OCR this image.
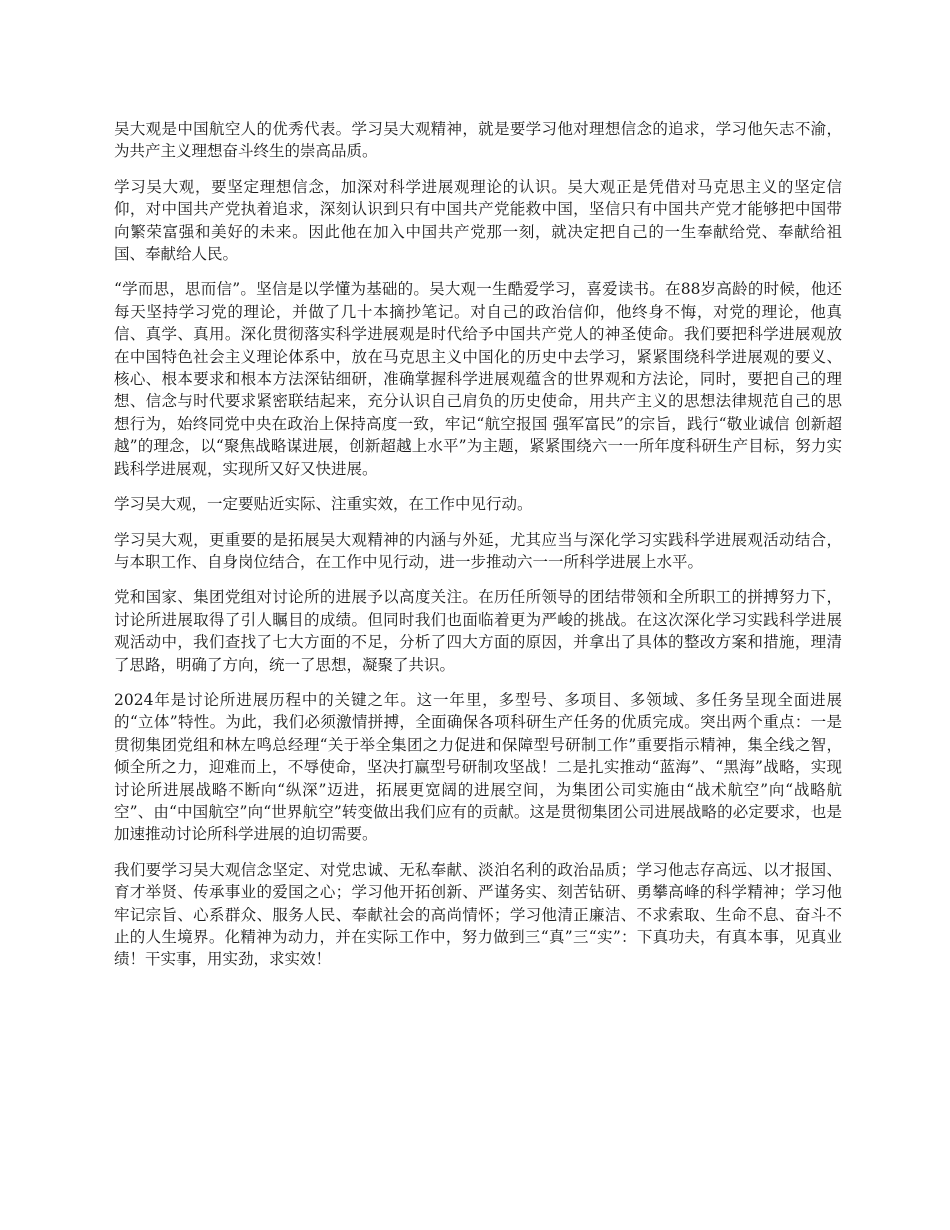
吴大观是中国航空人的优秀代表。学习吴大观精神，就是要学习他对理想信念的追求，学习他矢志不渝，为共产主义理想奋斗终生的崇高品质。

学习吴大观，要坚定理想信念，加深对科学进展观理论的认识。吴大观正是凭借对马克思主义的坚定信仰，对中国共产党执着追求，深刻认识到只有中国共产党能救中国，坚信只有中国共产党才能够把中国带向繁荣富强和美好的未来。因此他在加入中国共产党那一刻，就决定把自己的一生奉献给党、奉献给祖国、奉献给人民。

“学而思，思而信”。坚信是以学懂为基础的。吴大观一生酷爱学习，喜爱读书。在88岁高龄的时候，他还每天坚持学习党的理论，并做了几十本摘抄笔记。对自己的政治信仰，他终身不悔，对党的理论，他真信、真学、真用。深化贯彻落实科学进展观是时代给予中国共产党人的神圣使命。我们要把科学进展观放在中国特色社会主义理论体系中，放在马克思主义中国化的历史中去学习，紧紧围绕科学进展观的要义、核心、根本要求和根本方法深钻细研，准确掌握科学进展观蕴含的世界观和方法论，同时，要把自己的理想、信念与时代要求紧密联结起来，充分认识自己肩负的历史使命，用共产主义的思想法律规范自己的思想行为，始终同党中央在政治上保持高度一致，牢记“航空报国 强军富民”的宗旨，践行“敬业诚信 创新超越”的理念，以“聚焦战略谋进展，创新超越上水平”为主题，紧紧围绕六一一所年度科研生产目标，努力实践科学进展观，实现所又好又快进展。

学习吴大观，一定要贴近实际、注重实效，在工作中见行动。

学习吴大观，更重要的是拓展吴大观精神的内涵与外延，尤其应当与深化学习实践科学进展观活动结合，与本职工作、自身岗位结合，在工作中见行动，进一步推动六一一所科学进展上水平。

党和国家、集团党组对讨论所的进展予以高度关注。在历任所领导的团结带领和全所职工的拼搏努力下，讨论所进展取得了引人瞩目的成绩。但同时我们也面临着更为严峻的挑战。在这次深化学习实践科学进展观活动中，我们查找了七大方面的不足，分析了四大方面的原因，并拿出了具体的整改方案和措施，理清了思路，明确了方向，统一了思想，凝聚了共识。

2024年是讨论所进展历程中的关键之年。这一年里，多型号、多项目、多领域、多任务呈现全面进展的“立体”特性。为此，我们必须激情拼搏，全面确保各项科研生产任务的优质完成。突出两个重点：一是贯彻集团党组和林左鸣总经理“关于举全集团之力促进和保障型号研制工作”重要指示精神，集全线之智，倾全所之力，迎难而上，不辱使命，坚决打赢型号研制攻坚战！二是扎实推动“蓝海”、“黑海”战略，实现讨论所进展战略不断向“纵深”迈进，拓展更宽阔的进展空间，为集团公司实施由“战术航空”向“战略航空”、由“中国航空”向“世界航空”转变做出我们应有的贡献。这是贯彻集团公司进展战略的必定要求，也是加速推动讨论所科学进展的迫切需要。

我们要学习吴大观信念坚定、对党忠诚、无私奉献、淡泊名利的政治品质；学习他志存高远、以才报国、育才举贤、传承事业的爱国之心；学习他开拓创新、严谨务实、刻苦钻研、勇攀高峰的科学精神；学习他牢记宗旨、心系群众、服务人民、奉献社会的高尚情怀；学习他清正廉洁、不求索取、生命不息、奋斗不止的人生境界。化精神为动力，并在实际工作中，努力做到三“真”三“实”：下真功夫，有真本事，见真业绩！干实事，用实劲，求实效！
